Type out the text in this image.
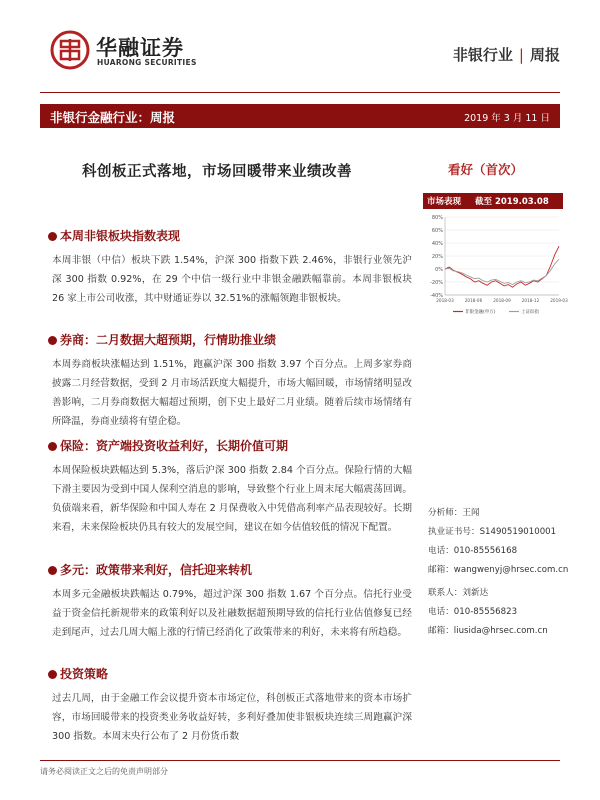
华融证券
HUARONG SECURITIES	非银行业 | 周报
非银行金融行业：周报	2019 年 3 月 11 日
科创板正式落地，市场回暖带来业绩改善	看好（首次）
市场表现 截至 2019.03.08
80%
60%
40%
20%
0%
-20%
-40%
2018-03	2018-06	2018-09	2018-12	2019-03
非银金融(申万)	上证综指
本周非银板块指数表现

本周非银（中信）板块下跌 1.54%，沪深 300 指数下跌 2.46%，非银行业领先沪深 300 指数 0.92%，在 29 个中信一级行业中非银金融跌幅靠前。本周非银板块 26 家上市公司收涨，其中财通证券以 32.51%的涨幅领跑非银板块。

券商：二月数据大超预期，行情助推业绩

本周券商板块涨幅达到 1.51%，跑赢沪深 300 指数 3.97 个百分点。上周多家券商披露二月经营数据，受到 2 月市场活跃度大幅提升，市场大幅回暖，市场情绪明显改善影响，二月券商数据大幅超过预期，创下史上最好二月业绩。随着后续市场情绪有所降温，券商业绩将有望企稳。

保险：资产端投资收益利好，长期价值可期

本周保险板块跌幅达到 5.3%，落后沪深 300 指数 2.84 个百分点。保险行情的大幅下滑主要因为受到中国人保利空消息的影响，导致整个行业上周末尾大幅震荡回调。负债端来看，新华保险和中国人寿在 2 月保费收入中凭借高利率产品表现较好。长期来看，未来保险板块仍具有较大的发展空间，建议在如今估值较低的情况下配置。

多元：政策带来利好，信托迎来转机

本周多元金融板块跌幅达 0.79%，超过沪深 300 指数 1.67 个百分点。信托行业受益于资金信托新规带来的政策利好以及社融数据超预期导致的信托行业估值修复已经走到尾声，过去几周大幅上涨的行情已经消化了政策带来的利好，未来将有所趋稳。

投资策略

过去几周，由于金融工作会议提升资本市场定位，科创板正式落地带来的资本市场扩容，市场回暖带来的投资类业务收益好转，多利好叠加使非银板块连续三周跑赢沪深 300 指数。本周末央行公布了 2 月份货币数

分析师：王闻
执业证书号：S1490519010001
电话：010-85556168
邮箱：wangwenyj@hrsec.com.cn
联系人：刘新达
电话：010-85556823
邮箱：liusida@hrsec.com.cn
请务必阅读正文之后的免责声明部分
